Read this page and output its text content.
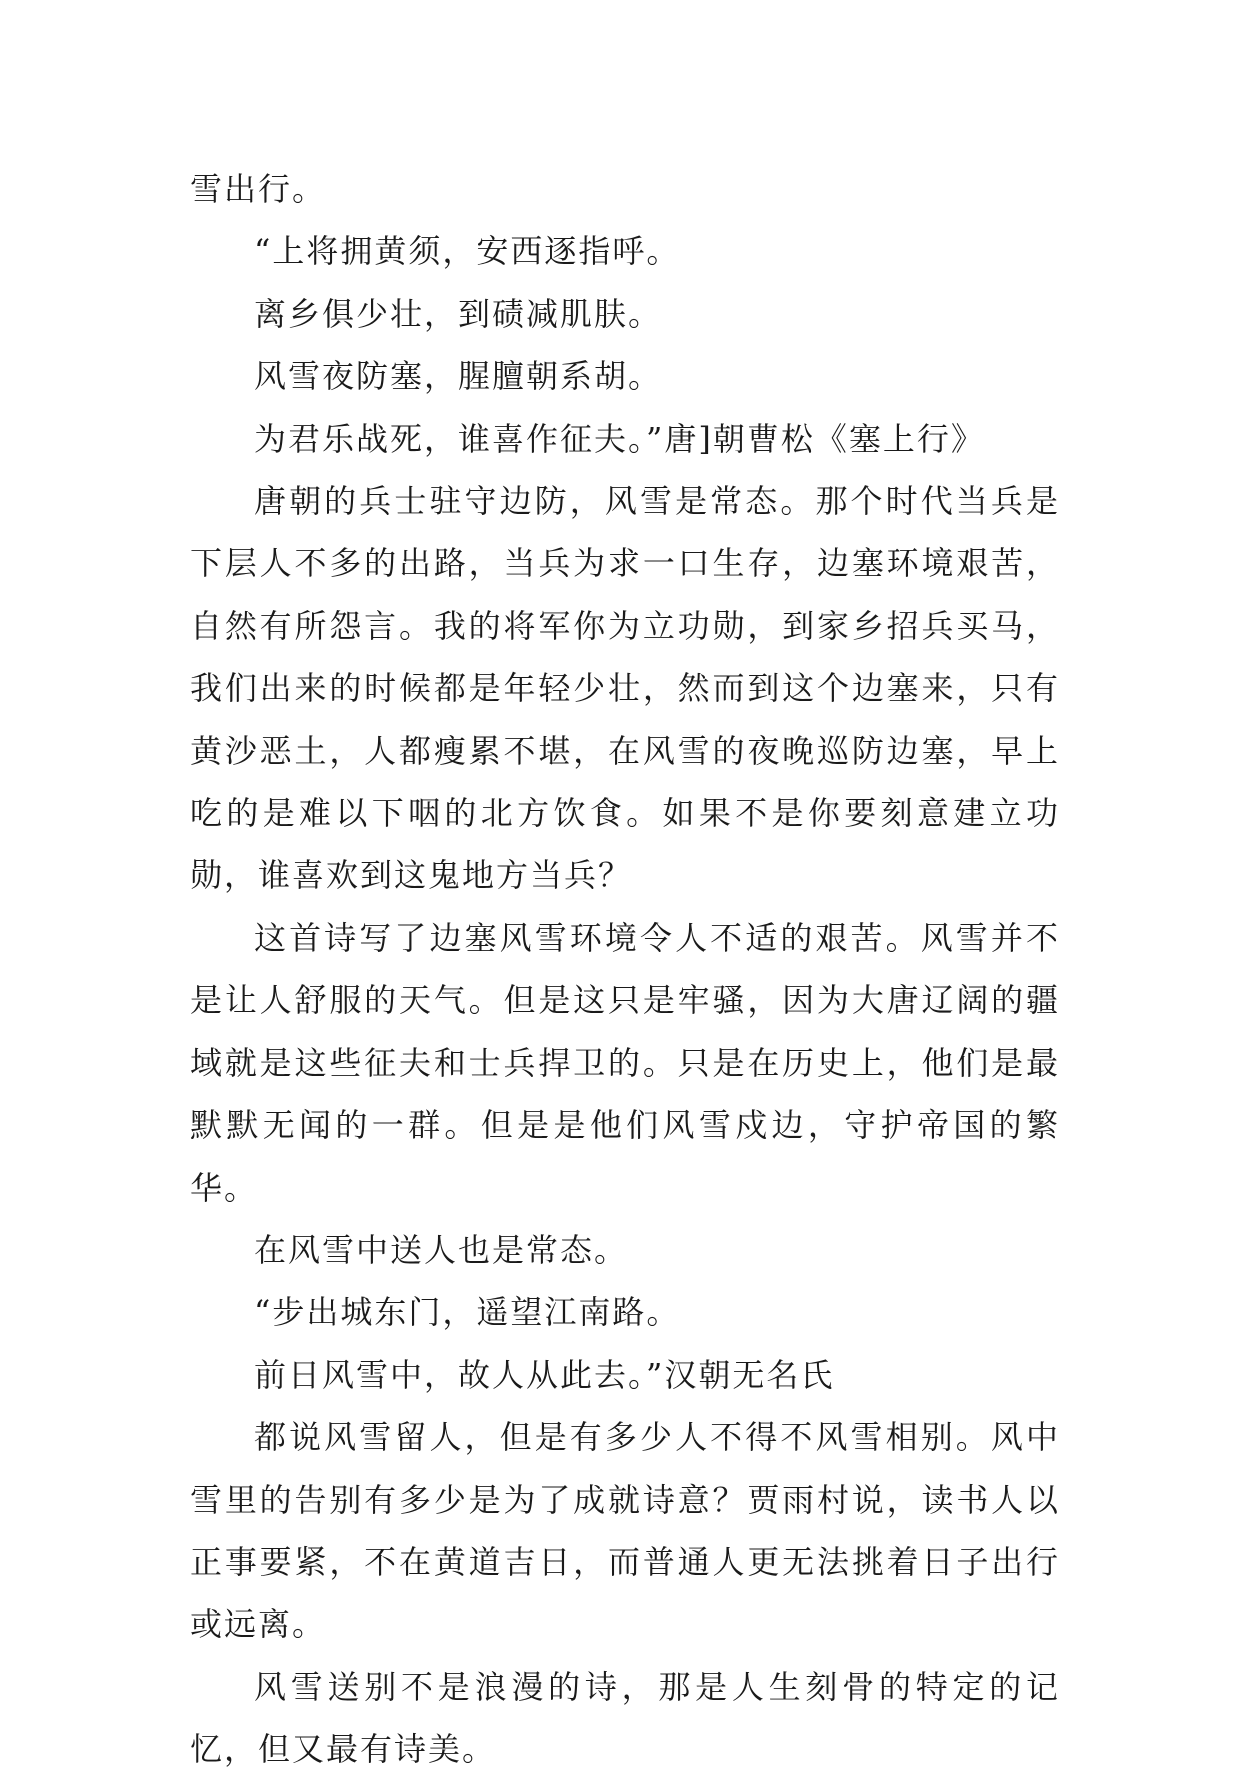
雪出行。

“上将拥黄须，安西逐指呼。

离乡俱少壮，到碛减肌肤。

风雪夜防塞，腥膻朝系胡。

为君乐战死，谁喜作征夫。”唐]朝曹松《塞上行》

唐朝的兵士驻守边防，风雪是常态。那个时代当兵是下层人不多的出路，当兵为求一口生存，边塞环境艰苦，自然有所怨言。我的将军你为立功勋，到家乡招兵买马，我们出来的时候都是年轻少壮，然而到这个边塞来，只有黄沙恶土，人都瘦累不堪，在风雪的夜晚巡防边塞，早上吃的是难以下咽的北方饮食。如果不是你要刻意建立功勋，谁喜欢到这鬼地方当兵？

这首诗写了边塞风雪环境令人不适的艰苦。风雪并不是让人舒服的天气。但是这只是牢骚，因为大唐辽阔的疆域就是这些征夫和士兵捍卫的。只是在历史上，他们是最默默无闻的一群。但是是他们风雪戍边，守护帝国的繁华。

在风雪中送人也是常态。

“步出城东门，遥望江南路。

前日风雪中，故人从此去。”汉朝无名氏

都说风雪留人，但是有多少人不得不风雪相别。风中雪里的告别有多少是为了成就诗意？贾雨村说，读书人以正事要紧，不在黄道吉日，而普通人更无法挑着日子出行或远离。

风雪送别不是浪漫的诗，那是人生刻骨的特定的记忆，但又最有诗美。
